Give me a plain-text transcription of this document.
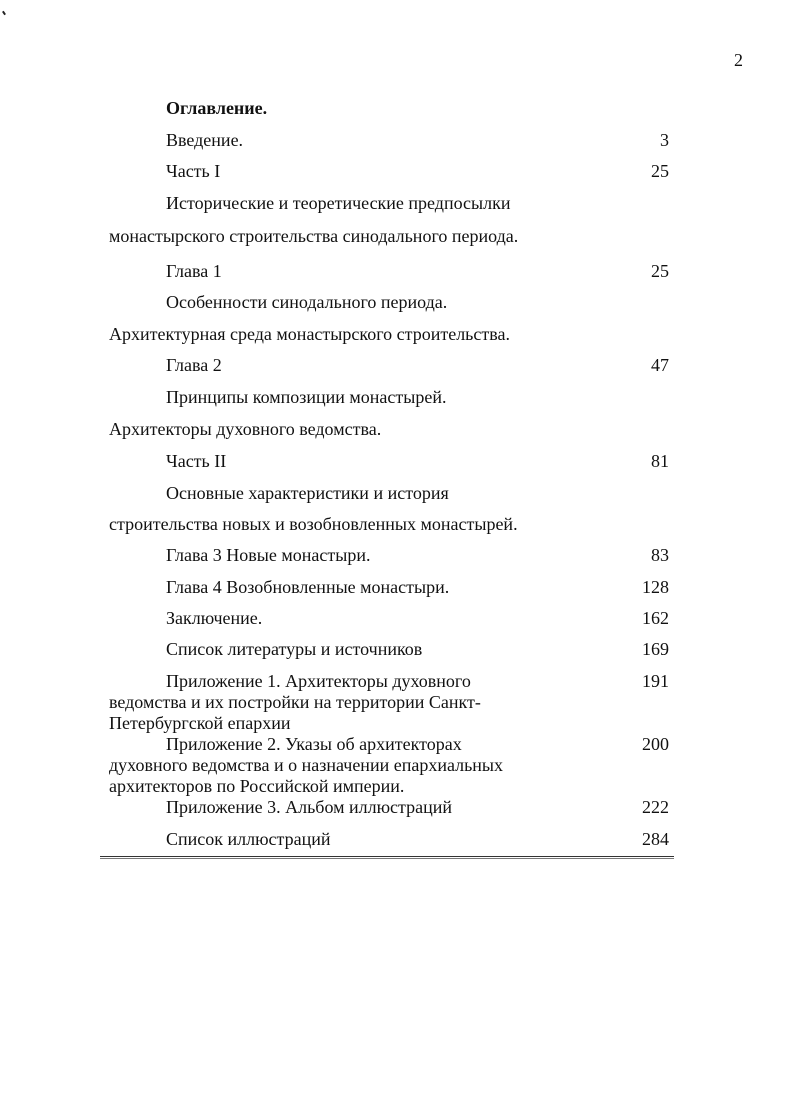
2
Оглавление.
Введение.	3
Часть I	25
Исторические и теоретические предпосылки
монастырского строительства синодального периода.
Глава 1	25
Особенности синодального периода.
Архитектурная среда монастырского строительства.
Глава 2	47
Принципы композиции монастырей.
Архитекторы духовного ведомства.
Часть II	81
Основные характеристики и история
строительства новых и возобновленных монастырей.
Глава 3 Новые монастыри.	83
Глава 4 Возобновленные монастыри.	128
Заключение.	162
Список литературы и источников	169
Приложение 1. Архитекторы духовного	191
ведомства и их постройки на территории Санкт-
Петербургской епархии
Приложение 2. Указы об архитекторах	200
духовного ведомства и о назначении епархиальных
архитекторов по Российской империи.
Приложение 3. Альбом иллюстраций	222
Список иллюстраций	284
